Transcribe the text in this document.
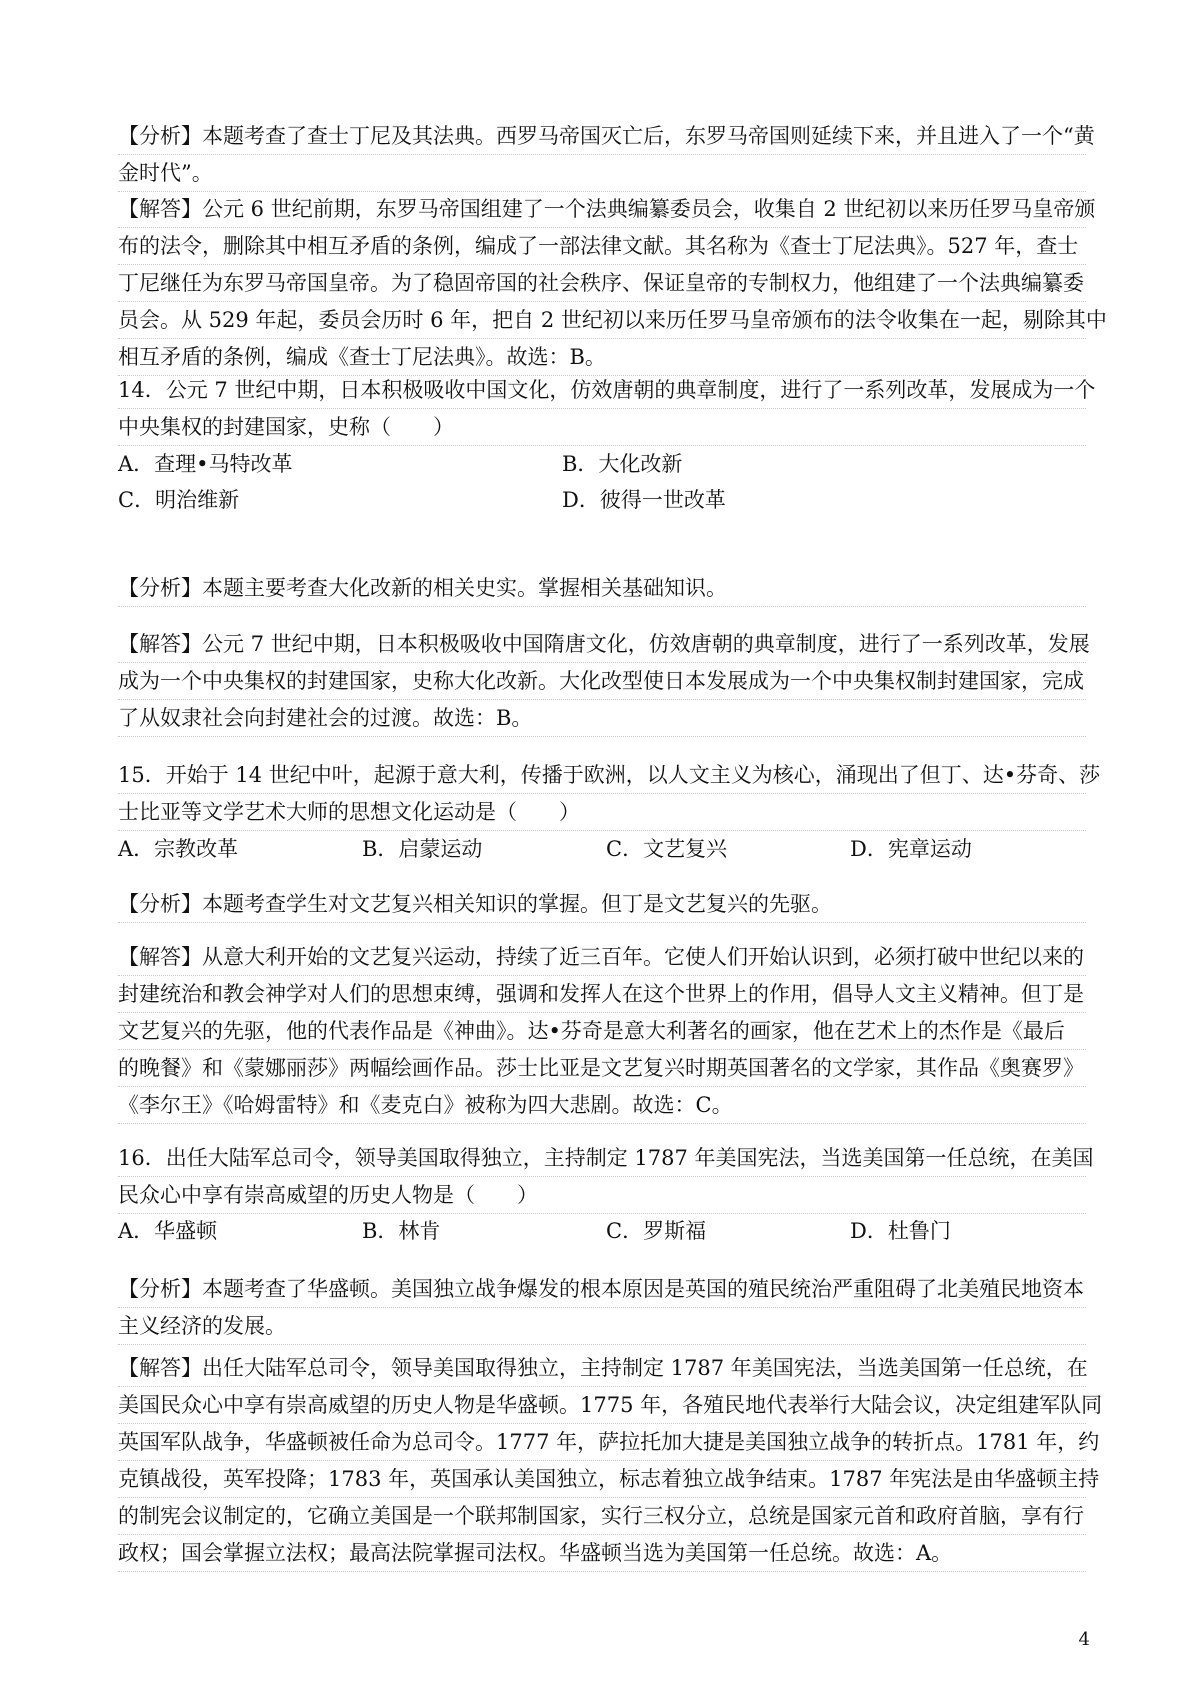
【分析】本题考查了查士丁尼及其法典。西罗马帝国灭亡后，东罗马帝国则延续下来，并且进入了一个“黄
金时代”。
【解答】公元 6 世纪前期，东罗马帝国组建了一个法典编纂委员会，收集自 2 世纪初以来历任罗马皇帝颁
布的法令，删除其中相互矛盾的条例，编成了一部法律文献。其名称为《查士丁尼法典》。527 年，查士
丁尼继任为东罗马帝国皇帝。为了稳固帝国的社会秩序、保证皇帝的专制权力，他组建了一个法典编纂委
员会。从 529 年起，委员会历时 6 年，把自 2 世纪初以来历任罗马皇帝颁布的法令收集在一起，剔除其中
相互矛盾的条例，编成《查士丁尼法典》。故选：B。
14．公元 7 世纪中期，日本积极吸收中国文化，仿效唐朝的典章制度，进行了一系列改革，发展成为一个
中央集权的封建国家，史称（　　）
A．查理•马特改革	B．大化改新
C．明治维新	D．彼得一世改革
【分析】本题主要考查大化改新的相关史实。掌握相关基础知识。
【解答】公元 7 世纪中期，日本积极吸收中国隋唐文化，仿效唐朝的典章制度，进行了一系列改革，发展
成为一个中央集权的封建国家，史称大化改新。大化改型使日本发展成为一个中央集权制封建国家，完成
了从奴隶社会向封建社会的过渡。故选：B。
15．开始于 14 世纪中叶，起源于意大利，传播于欧洲，以人文主义为核心，涌现出了但丁、达•芬奇、莎
士比亚等文学艺术大师的思想文化运动是（　　）
A．宗教改革	B．启蒙运动	C．文艺复兴	D．宪章运动
【分析】本题考查学生对文艺复兴相关知识的掌握。但丁是文艺复兴的先驱。
【解答】从意大利开始的文艺复兴运动，持续了近三百年。它使人们开始认识到，必须打破中世纪以来的
封建统治和教会神学对人们的思想束缚，强调和发挥人在这个世界上的作用，倡导人文主义精神。但丁是
文艺复兴的先驱，他的代表作品是《神曲》。达•芬奇是意大利著名的画家，他在艺术上的杰作是《最后
的晚餐》和《蒙娜丽莎》两幅绘画作品。莎士比亚是文艺复兴时期英国著名的文学家，其作品《奥赛罗》
《李尔王》《哈姆雷特》和《麦克白》被称为四大悲剧。故选：C。
16．出任大陆军总司令，领导美国取得独立，主持制定 1787 年美国宪法，当选美国第一任总统，在美国
民众心中享有崇高威望的历史人物是（　　）
A．华盛顿	B．林肯	C．罗斯福	D．杜鲁门
【分析】本题考查了华盛顿。美国独立战争爆发的根本原因是英国的殖民统治严重阻碍了北美殖民地资本
主义经济的发展。
【解答】出任大陆军总司令，领导美国取得独立，主持制定 1787 年美国宪法，当选美国第一任总统，在
美国民众心中享有崇高威望的历史人物是华盛顿。1775 年，各殖民地代表举行大陆会议，决定组建军队同
英国军队战争，华盛顿被任命为总司令。1777 年，萨拉托加大捷是美国独立战争的转折点。1781 年，约
克镇战役，英军投降；1783 年，英国承认美国独立，标志着独立战争结束。1787 年宪法是由华盛顿主持
的制宪会议制定的，它确立美国是一个联邦制国家，实行三权分立，总统是国家元首和政府首脑，享有行
政权；国会掌握立法权；最高法院掌握司法权。华盛顿当选为美国第一任总统。故选：A。
4
